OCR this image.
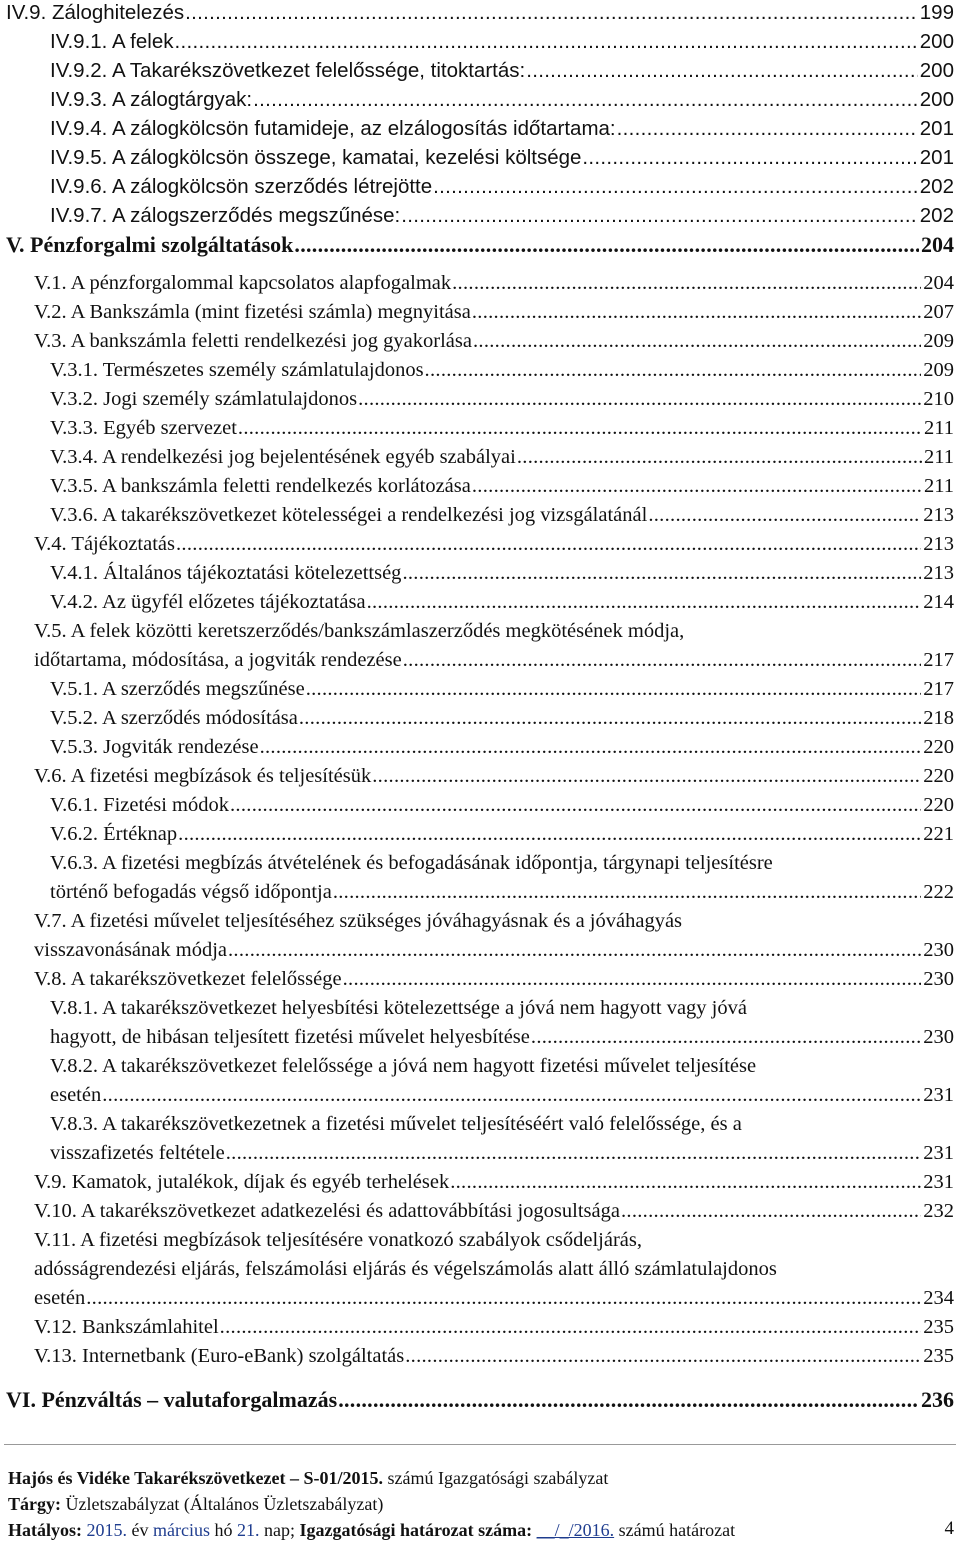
IV.9. Záloghitelezés .....	199
IV.9.1. A felek .....	200
IV.9.2. A Takarékszövetkezet felelőssége, titoktartás: .....	200
IV.9.3. A zálogtárgyak: .....	200
IV.9.4. A zálogkölcsön futamideje, az elzálogosítás időtartama: .....	201
IV.9.5. A zálogkölcsön összege, kamatai, kezelési költsége .....	201
IV.9.6. A zálogkölcsön szerződés létrejötte .....	202
IV.9.7. A zálogszerződés megszűnése: .....	202
V. Pénzforgalmi szolgáltatások .....	204
V.1. A pénzforgalommal kapcsolatos alapfogalmak .....	204
V.2. A Bankszámla (mint fizetési számla) megnyitása .....	207
V.3. A bankszámla feletti rendelkezési jog gyakorlása .....	209
V.3.1. Természetes személy számlatulajdonos .....	209
V.3.2. Jogi személy számlatulajdonos .....	210
V.3.3. Egyéb szervezet .....	211
V.3.4. A rendelkezési jog bejelentésének egyéb szabályai .....	211
V.3.5. A bankszámla feletti rendelkezés korlátozása .....	211
V.3.6. A takarékszövetkezet kötelességei a rendelkezési jog vizsgálatánál .....	213
V.4. Tájékoztatás .....	213
V.4.1. Általános tájékoztatási kötelezettség .....	213
V.4.2. Az ügyfél előzetes tájékoztatása .....	214
V.5. A felek közötti keretszerződés/bankszámlaszerződés megkötésének módja,
időtartama, módosítása, a jogviták rendezése .....	217
V.5.1. A szerződés megszűnése .....	217
V.5.2. A szerződés módosítása .....	218
V.5.3. Jogviták rendezése .....	220
V.6. A fizetési megbízások és teljesítésük .....	220
V.6.1. Fizetési módok .....	220
V.6.2. Értéknap .....	221
V.6.3. A fizetési megbízás átvételének és befogadásának időpontja, tárgynapi teljesítésre
történő befogadás végső időpontja .....	222
V.7. A fizetési művelet teljesítéséhez szükséges jóváhagyásnak és a jóváhagyás
visszavonásának módja .....	230
V.8. A takarékszövetkezet felelőssége .....	230
V.8.1. A takarékszövetkezet helyesbítési kötelezettsége a jóvá nem hagyott vagy jóvá
hagyott, de hibásan teljesített fizetési művelet helyesbítése .....	230
V.8.2. A takarékszövetkezet felelőssége a jóvá nem hagyott fizetési művelet teljesítése
esetén .....	231
V.8.3. A takarékszövetkezetnek a fizetési művelet teljesítéséért való felelőssége, és a
visszafizetés feltétele .....	231
V.9. Kamatok, jutalékok, díjak és egyéb terhelések .....	231
V.10. A takarékszövetkezet adatkezelési és adattovábbítási jogosultsága .....	232
V.11. A fizetési megbízások teljesítésére vonatkozó szabályok csődeljárás,
adósságrendezési eljárás, felszámolási eljárás és végelszámolás alatt álló számlatulajdonos
esetén .....	234
V.12. Bankszámlahitel .....	235
V.13. Internetbank (Euro-eBank) szolgáltatás .....	235
VI. Pénzváltás – valutaforgalmazás .....	236
Hajós és Vidéke Takarékszövetkezet – S-01/2015. számú Igazgatósági szabályzat
Tárgy: Üzletszabályzat (Általános Üzletszabályzat)
Hatályos: 2015. év március hó 21. nap; Igazgatósági határozat száma: __/_/2016. számú határozat	4
